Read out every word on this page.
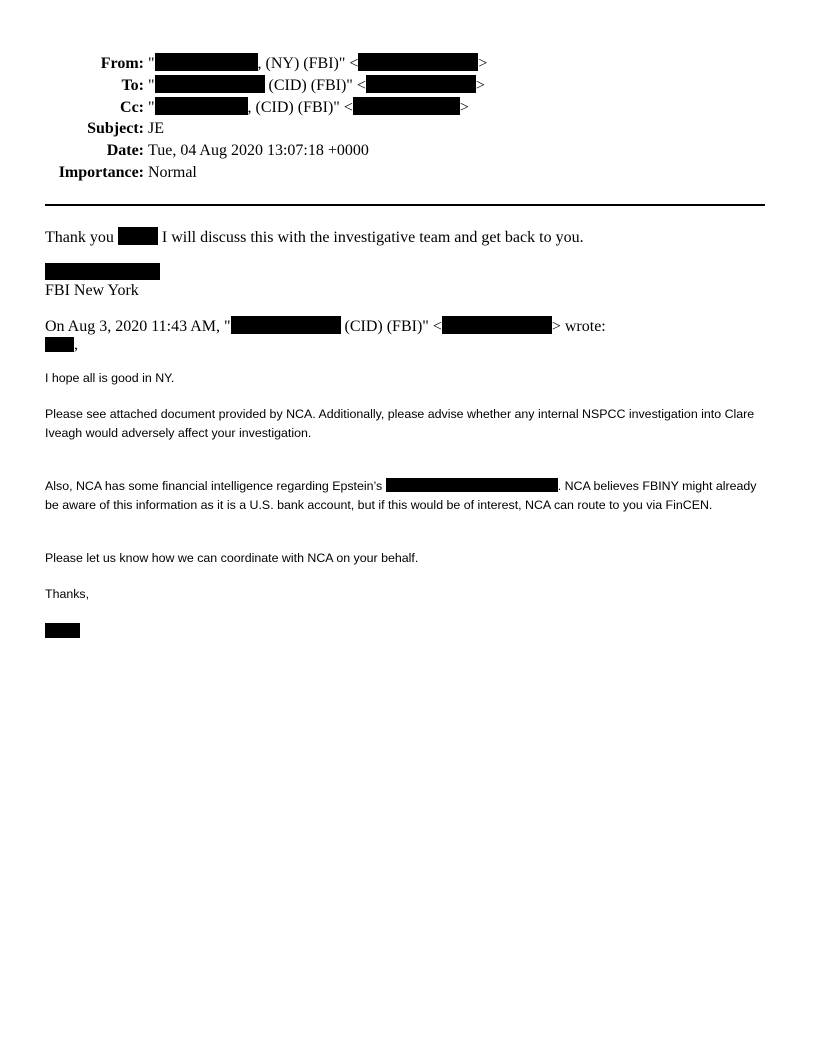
From: "	, (NY) (FBI)" <	>
To: "	(CID) (FBI)" <	>
Cc: "	, (CID) (FBI)" <	>
Subject: JE
Date: Tue, 04 Aug 2020 13:07:18 +0000
Importance: Normal
Thank you	I will discuss this with the investigative team and get back to you.
FBI New York
On Aug 3, 2020 11:43 AM, "	(CID) (FBI)" <	> wrote:
,
I hope all is good in NY.
Please see attached document provided by NCA. Additionally, please advise whether any internal NSPCC investigation into Clare Iveagh would adversely affect your investigation.
Also, NCA has some financial intelligence regarding Epstein’s	. NCA believes FBINY might already be aware of this information as it is a U.S. bank account, but if this would be of interest, NCA can route to you via FinCEN.
Please let us know how we can coordinate with NCA on your behalf.
Thanks,
